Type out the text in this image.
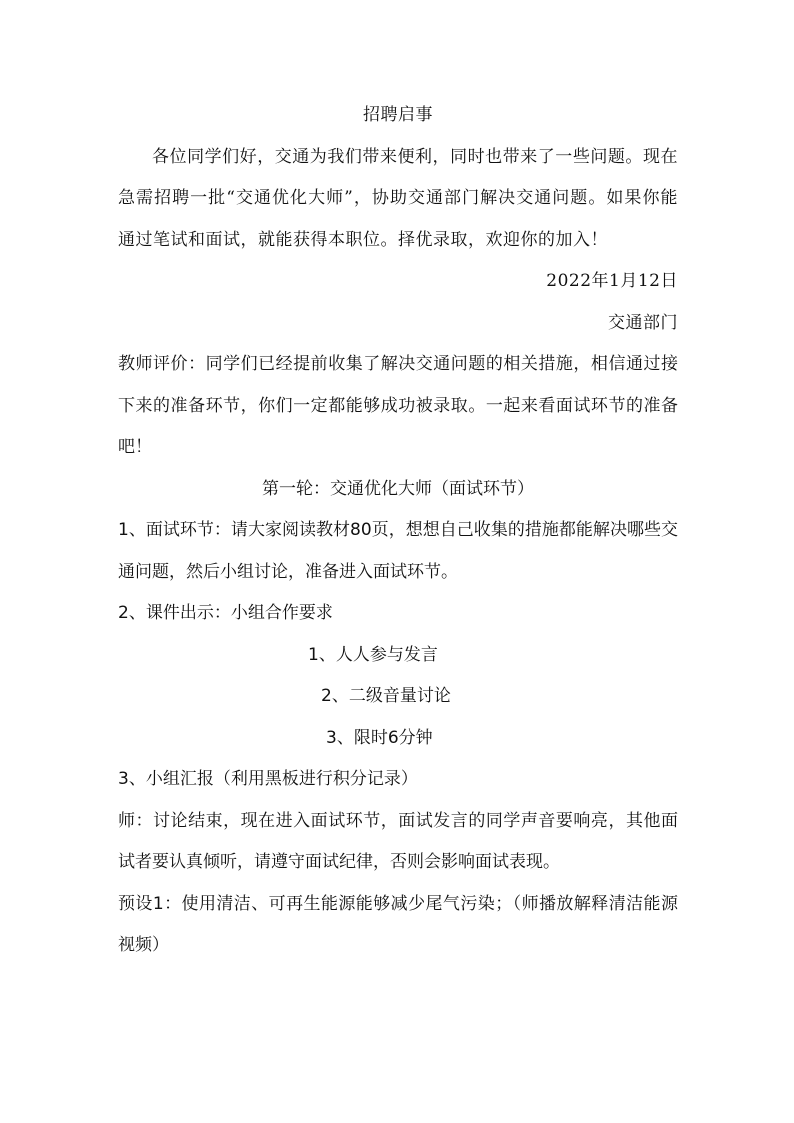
招聘启事

各位同学们好，交通为我们带来便利，同时也带来了一些问题。现在急需招聘一批“交通优化大师”，协助交通部门解决交通问题。如果你能通过笔试和面试，就能获得本职位。择优录取，欢迎你的加入！

2022年1月12日

交通部门

教师评价：同学们已经提前收集了解决交通问题的相关措施，相信通过接下来的准备环节，你们一定都能够成功被录取。一起来看面试环节的准备吧！

第一轮：交通优化大师（面试环节）

1、面试环节：请大家阅读教材80页，想想自己收集的措施都能解决哪些交通问题，然后小组讨论，准备进入面试环节。

2、课件出示：小组合作要求

1、人人参与发言

2、二级音量讨论

3、限时6分钟

3、小组汇报（利用黑板进行积分记录）

师：讨论结束，现在进入面试环节，面试发言的同学声音要响亮，其他面试者要认真倾听，请遵守面试纪律，否则会影响面试表现。

预设1：使用清洁、可再生能源能够减少尾气污染；（师播放解释清洁能源视频）
